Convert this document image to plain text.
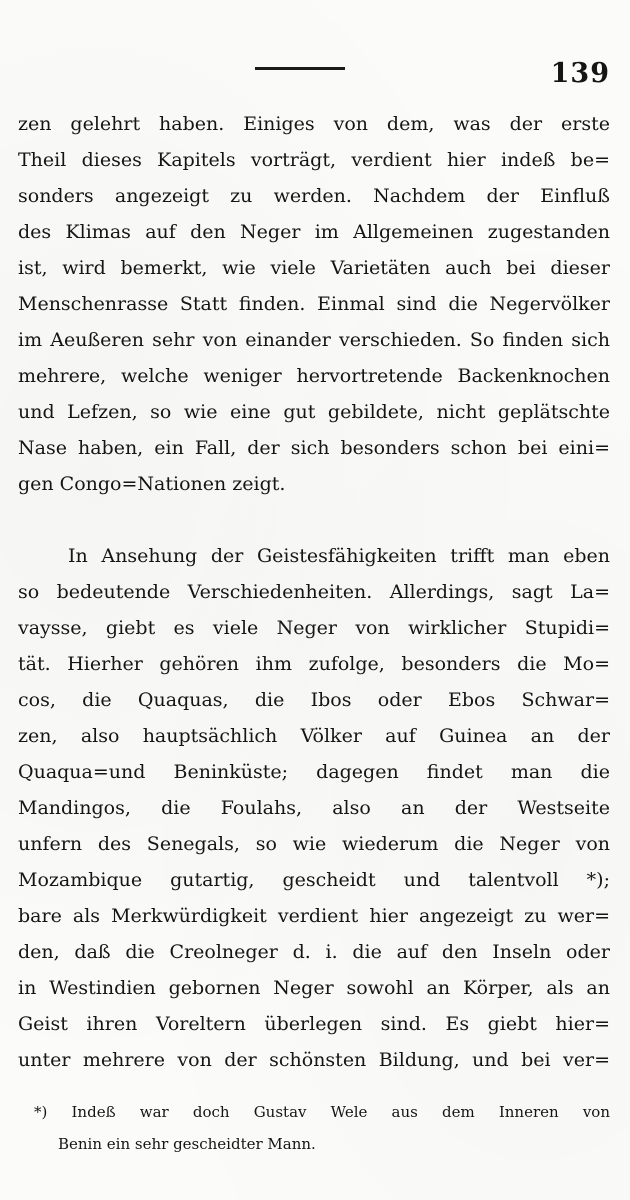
139
zen gelehrt haben. Einiges von dem, was der erste
Theil dieses Kapitels vorträgt, verdient hier indeß be=
sonders angezeigt zu werden. Nachdem der Einfluß
des Klimas auf den Neger im Allgemeinen zugestanden
ist, wird bemerkt, wie viele Varietäten auch bei dieser
Menschenrasse Statt finden. Einmal sind die Negervölker
im Aeußeren sehr von einander verschieden. So finden sich
mehrere, welche weniger hervortretende Backenknochen
und Lefzen, so wie eine gut gebildete, nicht geplätschte
Nase haben, ein Fall, der sich besonders schon bei eini=
gen Congo=Nationen zeigt.
In Ansehung der Geistesfähigkeiten trifft man eben
so bedeutende Verschiedenheiten. Allerdings, sagt La=
vaysse, giebt es viele Neger von wirklicher Stupidi=
tät. Hierher gehören ihm zufolge, besonders die Mo=
cos, die Quaquas, die Ibos oder Ebos Schwar=
zen, also hauptsächlich Völker auf Guinea an der
Quaqua=und Beninküste; dagegen findet man die
Mandingos, die Foulahs, also an der Westseite
unfern des Senegals, so wie wiederum die Neger von
Mozambique gutartig, gescheidt und talentvoll *);
bare als Merkwürdigkeit verdient hier angezeigt zu wer=
den, daß die Creolneger d. i. die auf den Inseln oder
in Westindien gebornen Neger sowohl an Körper, als an
Geist ihren Voreltern überlegen sind. Es giebt hier=
unter mehrere von der schönsten Bildung, und bei ver=
*) Indeß war doch Gustav Wele aus dem Inneren von
Benin ein sehr gescheidter Mann.
